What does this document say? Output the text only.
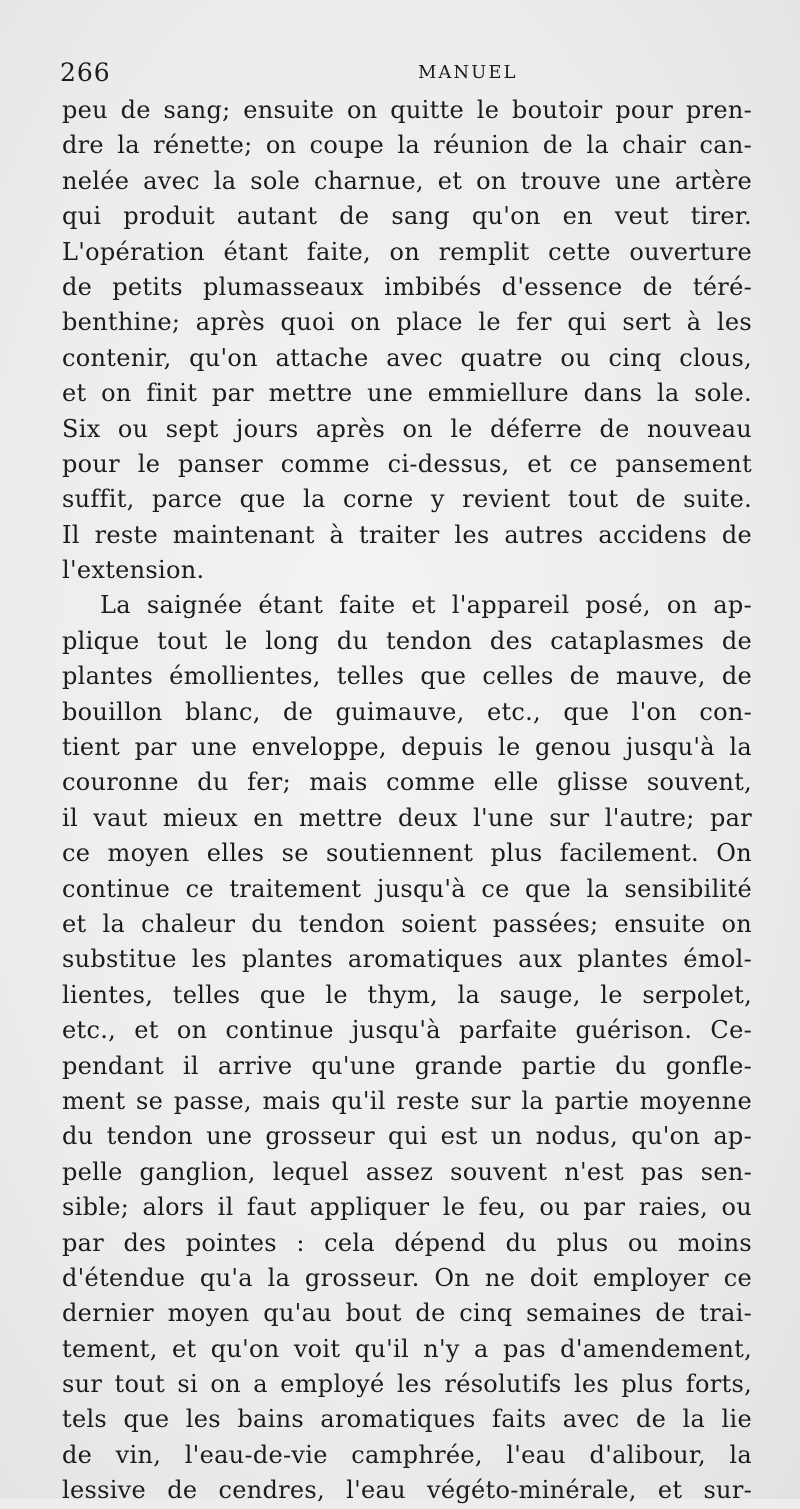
266	MANUEL
peu de sang; ensuite on quitte le boutoir pour pren-
dre la rénette; on coupe la réunion de la chair can-
nelée avec la sole charnue, et on trouve une artère
qui produit autant de sang qu'on en veut tirer.
L'opération étant faite, on remplit cette ouverture
de petits plumasseaux imbibés d'essence de téré-
benthine; après quoi on place le fer qui sert à les
contenir, qu'on attache avec quatre ou cinq clous,
et on finit par mettre une emmiellure dans la sole.
Six ou sept jours après on le déferre de nouveau
pour le panser comme ci-dessus, et ce pansement
suffit, parce que la corne y revient tout de suite.
Il reste maintenant à traiter les autres accidens de
l'extension.
La saignée étant faite et l'appareil posé, on ap-
plique tout le long du tendon des cataplasmes de
plantes émollientes, telles que celles de mauve, de
bouillon blanc, de guimauve, etc., que l'on con-
tient par une enveloppe, depuis le genou jusqu'à la
couronne du fer; mais comme elle glisse souvent,
il vaut mieux en mettre deux l'une sur l'autre; par
ce moyen elles se soutiennent plus facilement. On
continue ce traitement jusqu'à ce que la sensibilité
et la chaleur du tendon soient passées; ensuite on
substitue les plantes aromatiques aux plantes émol-
lientes, telles que le thym, la sauge, le serpolet,
etc., et on continue jusqu'à parfaite guérison. Ce-
pendant il arrive qu'une grande partie du gonfle-
ment se passe, mais qu'il reste sur la partie moyenne
du tendon une grosseur qui est un nodus, qu'on ap-
pelle ganglion, lequel assez souvent n'est pas sen-
sible; alors il faut appliquer le feu, ou par raies, ou
par des pointes : cela dépend du plus ou moins
d'étendue qu'a la grosseur. On ne doit employer ce
dernier moyen qu'au bout de cinq semaines de trai-
tement, et qu'on voit qu'il n'y a pas d'amendement,
sur tout si on a employé les résolutifs les plus forts,
tels que les bains aromatiques faits avec de la lie
de vin, l'eau-de-vie camphrée, l'eau d'alibour, la
lessive de cendres, l'eau végéto-minérale, et sur-
